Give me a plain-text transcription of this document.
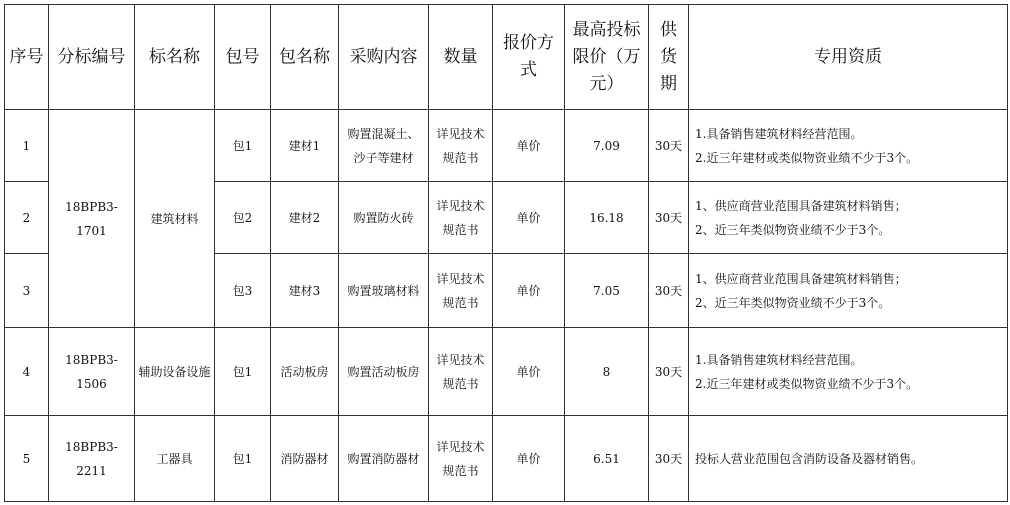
序号	分标编号	标名称	包号	包名称	采购内容	数量	报价方式	最高投标限价（万元）	供货期	专用资质
1	18BPB3-1701	建筑材料	包1	建材1	购置混凝土、沙子等建材	详见技术规范书	单价	7.09	30天	1.具备销售建筑材料经营范围。
2.近三年建材或类似物资业绩不少于3个。

2			包2	建材2	购置防火砖	详见技术规范书	单价	16.18	30天	1、供应商营业范围具备建筑材料销售；
2、近三年类似物资业绩不少于3个。

3			包3	建材3	购置玻璃材料	详见技术规范书	单价	7.05	30天	1、供应商营业范围具备建筑材料销售；
2、近三年类似物资业绩不少于3个。

4	18BPB3-1506	辅助设备设施	包1	活动板房	购置活动板房	详见技术规范书	单价	8	30天	1.具备销售建筑材料经营范围。
2.近三年建材或类似物资业绩不少于3个。

5	18BPB3-2211	工器具	包1	消防器材	购置消防器材	详见技术规范书	单价	6.51	30天	投标人营业范围包含消防设备及器材销售。
